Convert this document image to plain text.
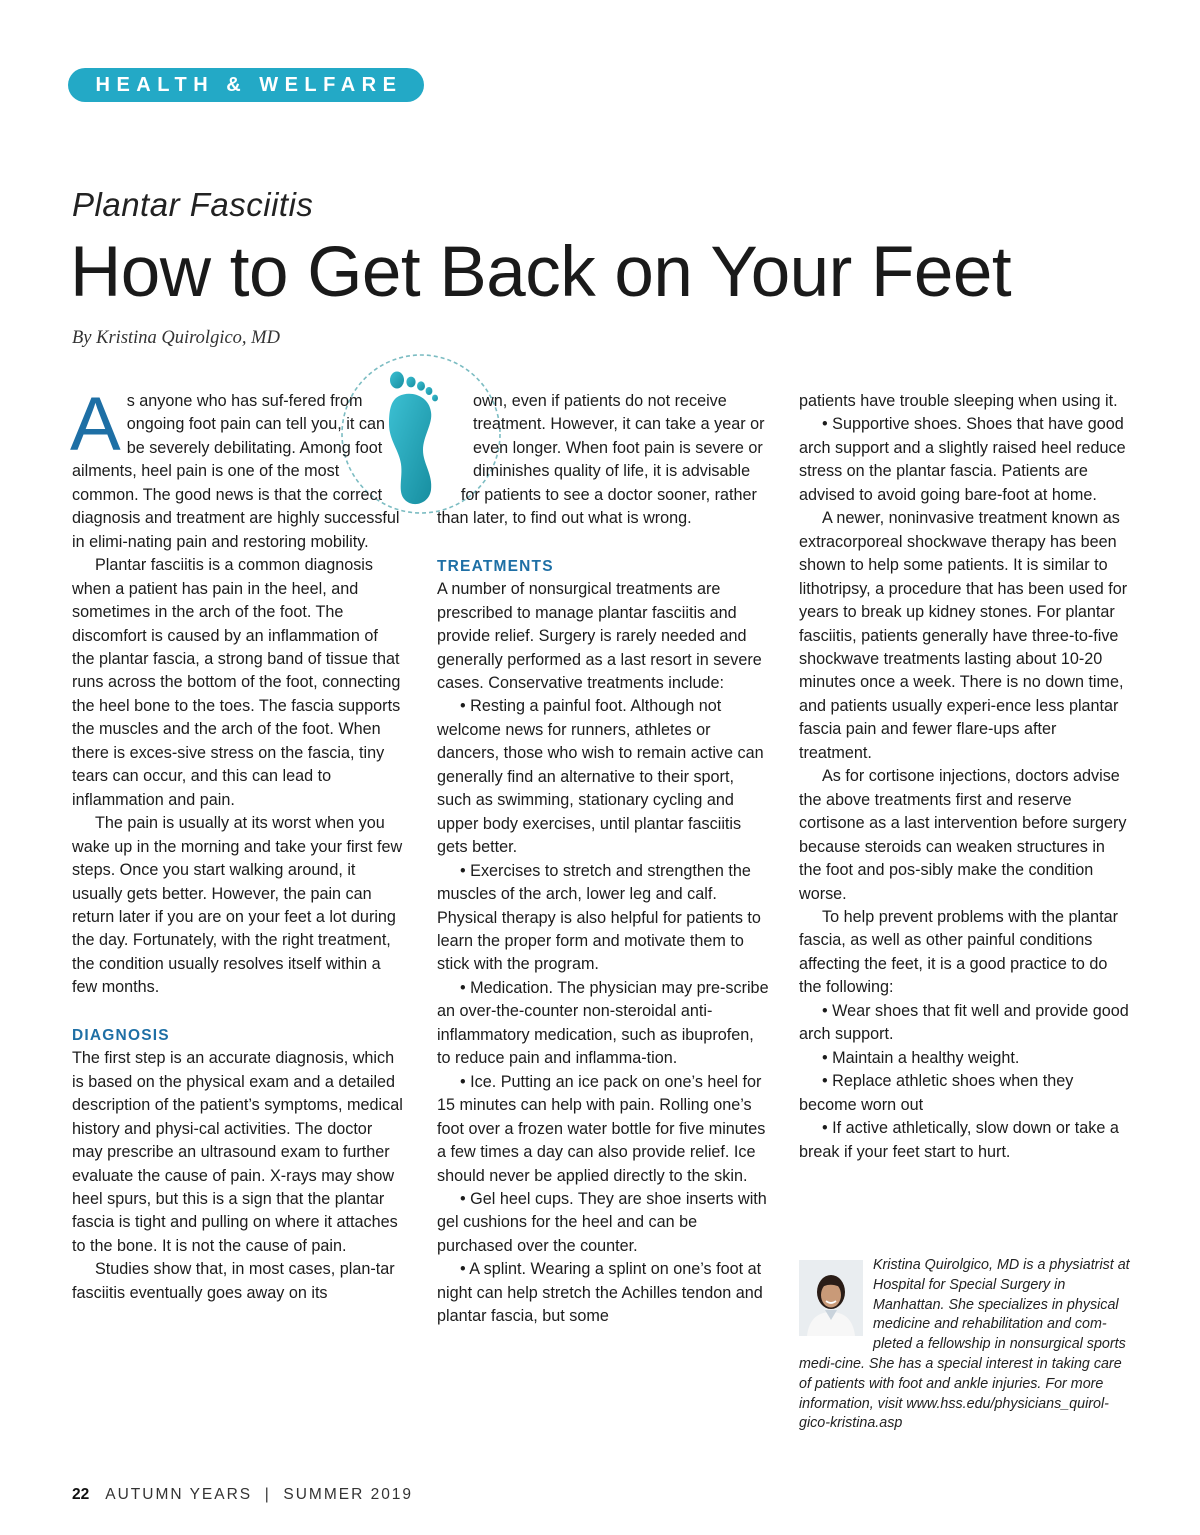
HEALTH & WELFARE
Plantar Fasciitis
How to Get Back on Your Feet
By Kristina Quirolgico, MD

As anyone who has suf-fered from ongoing foot pain can tell you, it can be severely debilitating. Among foot ailments, heel pain is one of the most common. The good news is that the correct diagnosis and treatment are highly successful in elimi-nating pain and restoring mobility.

Plantar fasciitis is a common diagnosis when a patient has pain in the heel, and sometimes in the arch of the foot. The discomfort is caused by an inflammation of the plantar fascia, a strong band of tissue that runs across the bottom of the foot, connecting the heel bone to the toes. The fascia supports the muscles and the arch of the foot. When there is exces-sive stress on the fascia, tiny tears can occur, and this can lead to inflammation and pain.

The pain is usually at its worst when you wake up in the morning and take your first few steps. Once you start walking around, it usually gets better. However, the pain can return later if you are on your feet a lot during the day. Fortunately, with the right treatment, the condition usually resolves itself within a few months.

DIAGNOSIS

The first step is an accurate diagnosis, which is based on the physical exam and a detailed description of the patient’s symptoms, medical history and physi-cal activities. The doctor may prescribe an ultrasound exam to further evaluate the cause of pain. X-rays may show heel spurs, but this is a sign that the plantar fascia is tight and pulling on where it attaches to the bone. It is not the cause of pain.

Studies show that, in most cases, plan-tar fasciitis eventually goes away on its

own, even if patients do not receive treatment. However, it can take a year or even longer. When foot pain is severe or diminishes quality of life, it is advisable for patients to see a doctor sooner, rather than later, to find out what is wrong.

TREATMENTS

A number of nonsurgical treatments are prescribed to manage plantar fasciitis and provide relief. Surgery is rarely needed and generally performed as a last resort in severe cases. Conservative treatments include:

• Resting a painful foot. Although not welcome news for runners, athletes or dancers, those who wish to remain active can generally find an alternative to their sport, such as swimming, stationary cycling and upper body exercises, until plantar fasciitis gets better.

• Exercises to stretch and strengthen the muscles of the arch, lower leg and calf. Physical therapy is also helpful for patients to learn the proper form and motivate them to stick with the program.

• Medication. The physician may pre-scribe an over-the-counter non-steroidal anti-inflammatory medication, such as ibuprofen, to reduce pain and inflamma-tion.

• Ice. Putting an ice pack on one’s heel for 15 minutes can help with pain. Rolling one’s foot over a frozen water bottle for five minutes a few times a day can also provide relief. Ice should never be applied directly to the skin.

• Gel heel cups. They are shoe inserts with gel cushions for the heel and can be purchased over the counter.

• A splint. Wearing a splint on one’s foot at night can help stretch the Achilles tendon and plantar fascia, but some

patients have trouble sleeping when using it.

• Supportive shoes. Shoes that have good arch support and a slightly raised heel reduce stress on the plantar fascia. Patients are advised to avoid going bare-foot at home.

A newer, noninvasive treatment known as extracorporeal shockwave therapy has been shown to help some patients. It is similar to lithotripsy, a procedure that has been used for years to break up kidney stones. For plantar fasciitis, patients generally have three-to-five shockwave treatments lasting about 10-20 minutes once a week. There is no down time, and patients usually experi-ence less plantar fascia pain and fewer flare-ups after treatment.

As for cortisone injections, doctors advise the above treatments first and reserve cortisone as a last intervention before surgery because steroids can weaken structures in the foot and pos-sibly make the condition worse.

To help prevent problems with the plantar fascia, as well as other painful conditions affecting the feet, it is a good practice to do the following:

• Wear shoes that fit well and provide good arch support.

• Maintain a healthy weight.

• Replace athletic shoes when they become worn out

• If active athletically, slow down or take a break if your feet start to hurt.

Kristina Quirolgico, MD is a physiatrist at Hospital for Special Surgery in Manhattan. She specializes in physical medicine and rehabilitation and com-pleted a fellowship in nonsurgical sports medi-cine. She has a special interest in taking care of patients with foot and ankle injuries. For more information, visit www.hss.edu/physicians_quirol-gico-kristina.asp

22 AUTUMN YEARS  |  SUMMER 2019
